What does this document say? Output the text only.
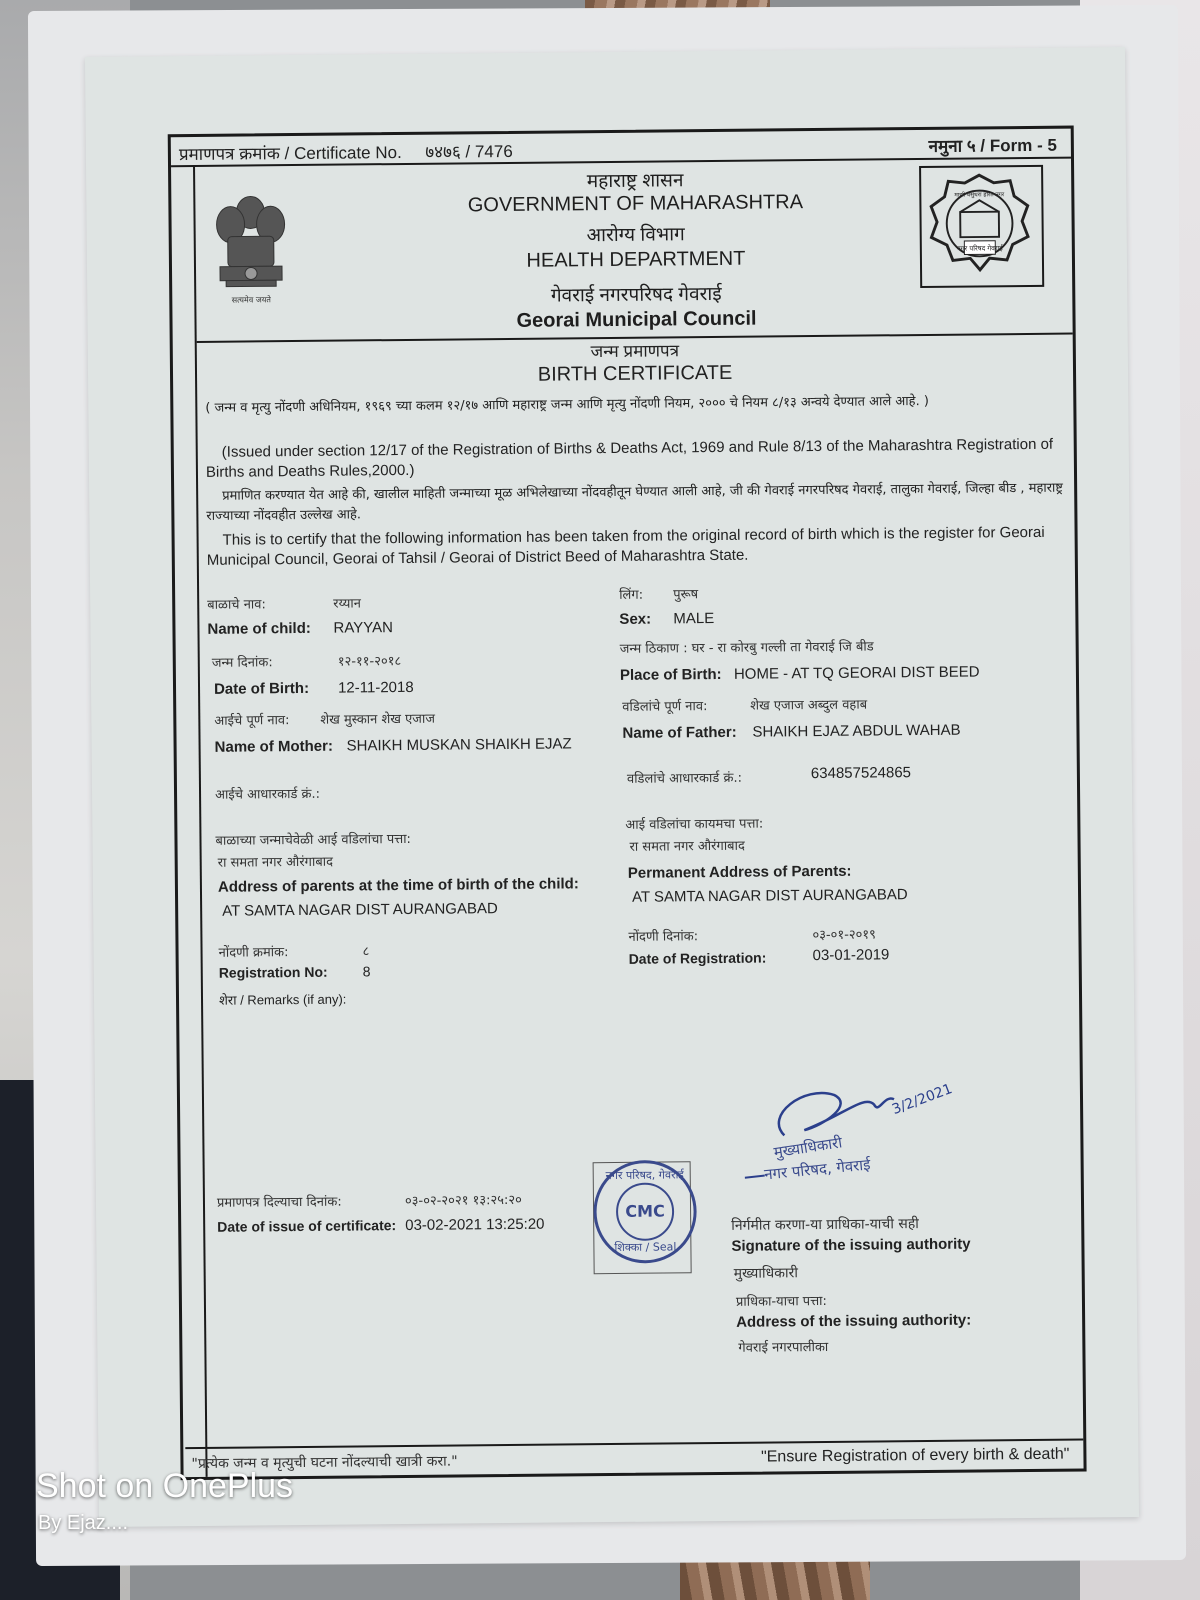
प्रमाणपत्र क्रमांक / Certificate No. ७४७६ / 7476	नमुना ५ / Form - 5
सत्यमेव जयते
महाराष्ट्र शासन
GOVERNMENT OF MAHARASHTRA
आरोग्य विभाग
HEALTH DEPARTMENT
गेवराई नगरपरिषद गेवराई
Georai Municipal Council
नगर परिषद गेवराई
माझी वसुंधरा हरित नगर
जन्म प्रमाणपत्र
BIRTH CERTIFICATE
( जन्म व मृत्यु नोंदणी अधिनियम, १९६९ च्या कलम १२/१७ आणि महाराष्ट्र जन्म आणि मृत्यु नोंदणी नियम, २००० चे नियम ८/१३ अन्वये देण्यात आले आहे. )
(Issued under section 12/17 of the Registration of Births & Deaths Act, 1969 and Rule 8/13 of the Maharashtra Registration of Births and Deaths Rules,2000.)
प्रमाणित करण्यात येत आहे की, खालील माहिती जन्माच्या मूळ अभिलेखाच्या नोंदवहीतून घेण्यात आली आहे, जी की गेवराई नगरपरिषद गेवराई, तालुका गेवराई, जिल्हा बीड , महाराष्ट्र राज्याच्या नोंदवहीत उल्लेख आहे.
This is to certify that the following information has been taken from the original record of birth which is the register for Georai Municipal Council, Georai of Tahsil / Georai of District Beed of Maharashtra State.
बाळाचे नाव:	रय्यान
Name of child: RAYYAN
जन्म दिनांक:	१२-११-२०१८
Date of Birth: 12-11-2018
आईचे पूर्ण नाव: शेख मुस्कान शेख एजाज
Name of Mother: SHAIKH MUSKAN SHAIKH EJAZ
आईचे आधारकार्ड क्रं.:
बाळाच्या जन्माचेवेळी आई वडिलांचा पत्ता:
रा समता नगर औरंगाबाद
Address of parents at the time of birth of the child:
AT SAMTA NAGAR DIST AURANGABAD
नोंदणी क्रमांक:	८
Registration No: 8
शेरा / Remarks (if any):
लिंग: पुरूष
Sex: MALE
जन्म ठिकाण : घर - रा कोरबु गल्ली ता गेवराई जि बीड
Place of Birth: HOME - AT TQ GEORAI DIST BEED
वडिलांचे पूर्ण नाव:	शेख एजाज अब्दुल वहाब
Name of Father: SHAIKH EJAZ ABDUL WAHAB
वडिलांचे आधारकार्ड क्रं.:	634857524865
आई वडिलांचा कायमचा पत्ता:
रा समता नगर औरंगाबाद
Permanent Address of Parents:
AT SAMTA NAGAR DIST AURANGABAD
नोंदणी दिनांक:	०३-०१-२०१९
Date of Registration:	03-01-2019
प्रमाणपत्र दिल्याचा दिनांक:	०३-०२-२०२१ १३:२५:२०
Date of issue of certificate: 03-02-2021 13:25:20
नगर परिषद, गेवराई
CMC
शिक्का / Seal
3/2/2021
मुख्याधिकारी
नगर परिषद, गेवराई
निर्गमीत करणा-या प्राधिका-याची सही
Signature of the issuing authority
मुख्याधिकारी
प्राधिका-याचा पत्ता:
Address of the issuing authority:
गेवराई नगरपालीका
"प्रत्येक जन्म व मृत्युची घटना नोंदल्याची खात्री करा."	"Ensure Registration of every birth & death"
Shot on OnePlus
By Ejaz....
